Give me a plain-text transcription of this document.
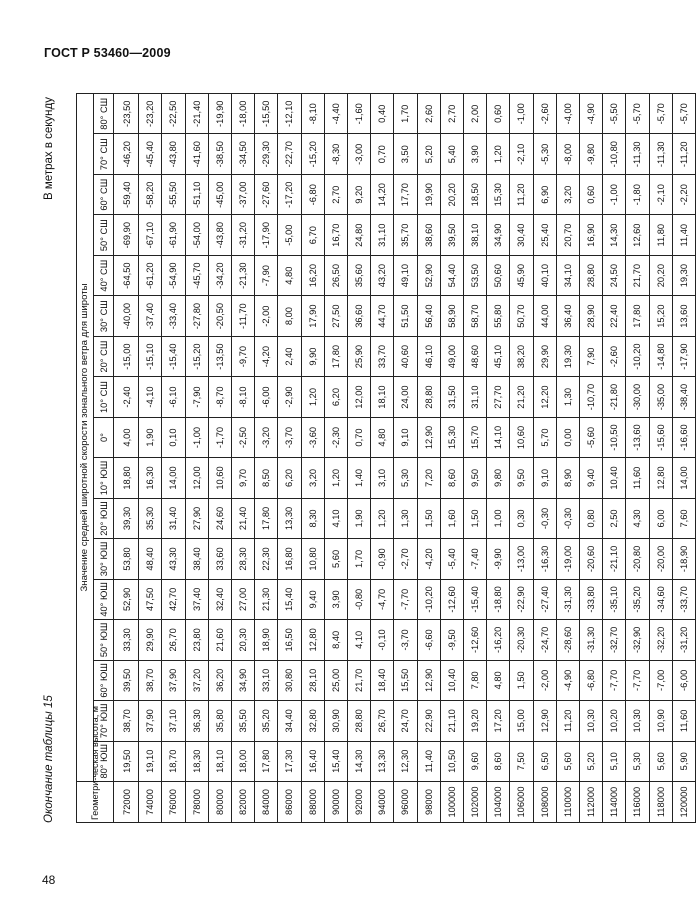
ГОСТ Р 53460—2009
Окончание таблицы 15
В метрах в секунду
Геометри-ческая высота, м	Значение средней широтной скорости зонального ветра для широты																
	80° ЮШ	70° ЮШ	60° ЮШ	50° ЮШ	40° ЮШ	30° ЮШ	20° ЮШ	10° ЮШ	0°	10° СШ	20° СШ	30° СШ	40° СШ	50° СШ	60° СШ	70° СШ	80° СШ
72000	19,50	38,70	39,50	33,30	52,90	53,80	39,30	18,80	4,00	-2,40	-15,00	-40,00	-64,50	-69,90	-59,40	-46,20	-23,50
74000	19,10	37,90	38,70	29,90	47,50	48,40	35,30	16,30	1,90	-4,10	-15,10	-37,40	-61,20	-67,10	-58,20	-45,40	-23,20
76000	18,70	37,10	37,90	26,70	42,70	43,30	31,40	14,00	0,10	-6,10	-15,40	-33,40	-54,90	-61,90	-55,50	-43,80	-22,50
78000	18,30	36,30	37,20	23,80	37,40	38,40	27,90	12,00	-1,00	-7,90	-15,20	-27,80	-45,70	-54,00	-51,10	-41,60	-21,40
80000	18,10	35,80	36,20	21,60	32,40	33,60	24,60	10,60	-1,70	-8,70	-13,50	-20,50	-34,20	-43,80	-45,00	-38,50	-19,90
82000	18,00	35,50	34,90	20,30	27,00	28,30	21,40	9,70	-2,50	-8,10	-9,70	-11,70	-21,30	-31,20	-37,00	-34,50	-18,00
84000	17,80	35,20	33,10	18,90	21,30	22,30	17,80	8,50	-3,20	-6,00	-4,20	-2,00	-7,90	-17,90	-27,60	-29,30	-15,50
86000	17,30	34,40	30,80	16,50	15,40	16,80	13,30	6,20	-3,70	-2,90	2,40	8,00	4,80	-5,00	-17,20	-22,70	-12,10
88000	16,40	32,80	28,10	12,80	9,40	10,80	8,30	3,20	-3,60	1,20	9,90	17,90	16,20	6,70	-6,80	-15,20	-8,10
90000	15,40	30,90	25,00	8,40	3,90	5,60	4,10	1,20	-2,30	6,20	17,80	27,50	26,50	16,70	2,70	-8,30	-4,40
92000	14,30	28,80	21,70	4,10	-0,80	1,70	1,90	1,40	0,70	12,00	25,90	36,60	35,60	24,80	9,20	-3,00	-1,60
94000	13,30	26,70	18,40	-0,10	-4,70	-0,90	1,20	3,10	4,80	18,10	33,70	44,70	43,20	31,10	14,20	0,70	0,40
96000	12,30	24,70	15,50	-3,70	-7,70	-2,70	1,30	5,30	9,10	24,00	40,60	51,50	49,10	35,70	17,70	3,50	1,70
98000	11,40	22,90	12,90	-6,60	-10,20	-4,20	1,50	7,20	12,90	28,80	46,10	56,40	52,90	38,60	19,90	5,20	2,60
100000	10,50	21,10	10,40	-9,50	-12,60	-5,40	1,60	8,60	15,30	31,50	49,00	58,90	54,40	39,50	20,20	5,40	2,70
102000	9,60	19,20	7,80	-12,60	-15,40	-7,40	1,50	9,50	15,70	31,10	48,60	58,70	53,50	38,10	18,50	3,90	2,00
104000	8,60	17,20	4,80	-16,20	-18,80	-9,90	1,00	9,80	14,10	27,70	45,10	55,80	50,60	34,90	15,30	1,20	0,60
106000	7,50	15,00	1,50	-20,30	-22,90	-13,00	0,30	9,50	10,60	21,20	38,20	50,70	45,90	30,40	11,20	-2,10	-1,00
108000	6,50	12,90	-2,00	-24,70	-27,40	-16,30	-0,30	9,10	5,70	12,20	29,90	44,00	40,10	25,40	6,90	-5,30	-2,60
110000	5,60	11,20	-4,90	-28,60	-31,30	-19,00	-0,30	8,90	0,00	1,30	19,30	36,40	34,10	20,70	3,20	-8,00	-4,00
112000	5,20	10,30	-6,80	-31,30	-33,80	-20,60	0,80	9,40	-5,60	-10,70	7,90	28,90	28,80	16,90	0,60	-9,80	-4,90
114000	5,10	10,20	-7,70	-32,70	-35,10	-21,10	2,50	10,40	-10,50	-21,80	-2,60	22,40	24,50	14,30	-1,00	-10,80	-5,50
116000	5,30	10,30	-7,70	-32,90	-35,20	-20,80	4,30	11,60	-13,60	-30,00	-10,20	17,80	21,70	12,60	-1,80	-11,30	-5,70
118000	5,60	10,90	-7,00	-32,20	-34,60	-20,00	6,00	12,80	-15,60	-35,00	-14,80	15,20	20,20	11,80	-2,10	-11,30	-5,70
120000	5,90	11,60	-6,00	-31,20	-33,70	-18,90	7,60	14,00	-16,60	-38,40	-17,90	13,60	19,30	11,40	-2,20	-11,20	-5,70
48
